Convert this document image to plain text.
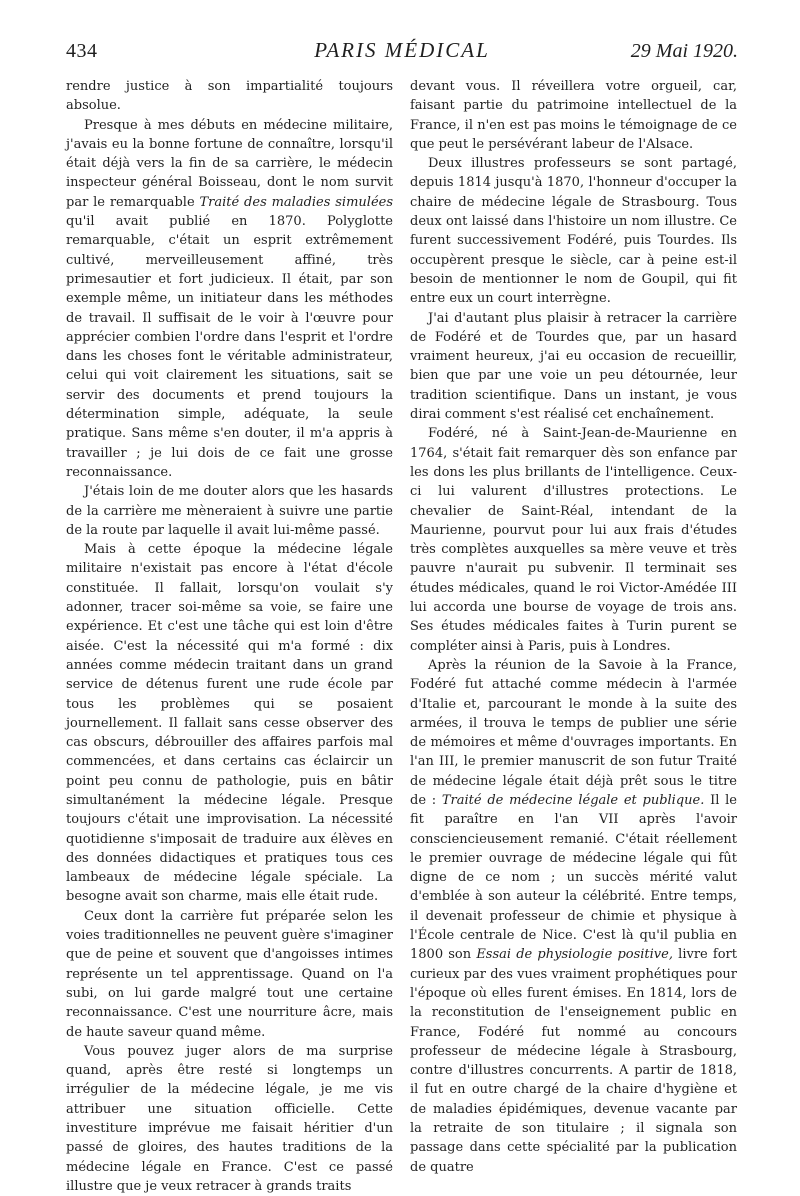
434	PARIS MÉDICAL	29 Mai 1920.

rendre justice à son impartialité toujours absolue.

Presque à mes débuts en médecine militaire, j'avais eu la bonne fortune de connaître, lorsqu'il était déjà vers la fin de sa carrière, le médecin inspecteur général Boisseau, dont le nom survit par le remarquable Traité des maladies simulées qu'il avait publié en 1870. Polyglotte remarquable, c'était un esprit extrêmement cultivé, merveilleusement affiné, très primesautier et fort judicieux. Il était, par son exemple même, un initiateur dans les méthodes de travail. Il suffisait de le voir à l'œuvre pour apprécier combien l'ordre dans l'esprit et l'ordre dans les choses font le véritable administrateur, celui qui voit clairement les situations, sait se servir des documents et prend toujours la détermination simple, adéquate, la seule pratique. Sans même s'en douter, il m'a appris à travailler ; je lui dois de ce fait une grosse reconnaissance.

J'étais loin de me douter alors que les hasards de la carrière me mèneraient à suivre une partie de la route par laquelle il avait lui-même passé.

Mais à cette époque la médecine légale militaire n'existait pas encore à l'état d'école constituée. Il fallait, lorsqu'on voulait s'y adonner, tracer soi-même sa voie, se faire une expérience. Et c'est une tâche qui est loin d'être aisée. C'est la nécessité qui m'a formé : dix années comme médecin traitant dans un grand service de détenus furent une rude école par tous les problèmes qui se posaient journellement. Il fallait sans cesse observer des cas obscurs, débrouiller des affaires parfois mal commencées, et dans certains cas éclaircir un point peu connu de pathologie, puis en bâtir simultanément la médecine légale. Presque toujours c'était une improvisation. La nécessité quotidienne s'imposait de traduire aux élèves en des données didactiques et pratiques tous ces lambeaux de médecine légale spéciale. La besogne avait son charme, mais elle était rude.

Ceux dont la carrière fut préparée selon les voies traditionnelles ne peuvent guère s'imaginer que de peine et souvent que d'angoisses intimes représente un tel apprentissage. Quand on l'a subi, on lui garde malgré tout une certaine reconnaissance. C'est une nourriture âcre, mais de haute saveur quand même.

Vous pouvez juger alors de ma surprise quand, après être resté si longtemps un irrégulier de la médecine légale, je me vis attribuer une situation officielle. Cette investiture imprévue me faisait héritier d'un passé de gloires, des hautes traditions de la médecine légale en France. C'est ce passé illustre que je veux retracer à grands traits

devant vous. Il réveillera votre orgueil, car, faisant partie du patrimoine intellectuel de la France, il n'en est pas moins le témoignage de ce que peut le persévérant labeur de l'Alsace.

Deux illustres professeurs se sont partagé, depuis 1814 jusqu'à 1870, l'honneur d'occuper la chaire de médecine légale de Strasbourg. Tous deux ont laissé dans l'histoire un nom illustre. Ce furent successivement Fodéré, puis Tourdes. Ils occupèrent presque le siècle, car à peine est-il besoin de mentionner le nom de Goupil, qui fit entre eux un court interrègne.

J'ai d'autant plus plaisir à retracer la carrière de Fodéré et de Tourdes que, par un hasard vraiment heureux, j'ai eu occasion de recueillir, bien que par une voie un peu détournée, leur tradition scientifique. Dans un instant, je vous dirai comment s'est réalisé cet enchaînement.

Fodéré, né à Saint-Jean-de-Maurienne en 1764, s'était fait remarquer dès son enfance par les dons les plus brillants de l'intelligence. Ceux-ci lui valurent d'illustres protections. Le chevalier de Saint-Réal, intendant de la Maurienne, pourvut pour lui aux frais d'études très complètes auxquelles sa mère veuve et très pauvre n'aurait pu subvenir. Il terminait ses études médicales, quand le roi Victor-Amédée III lui accorda une bourse de voyage de trois ans. Ses études médicales faites à Turin purent se compléter ainsi à Paris, puis à Londres.

Après la réunion de la Savoie à la France, Fodéré fut attaché comme médecin à l'armée d'Italie et, parcourant le monde à la suite des armées, il trouva le temps de publier une série de mémoires et même d'ouvrages importants. En l'an III, le premier manuscrit de son futur Traité de médecine légale était déjà prêt sous le titre de : Traité de médecine légale et publique. Il le fit paraître en l'an VII après l'avoir consciencieusement remanié. C'était réellement le premier ouvrage de médecine légale qui fût digne de ce nom ; un succès mérité valut d'emblée à son auteur la célébrité. Entre temps, il devenait professeur de chimie et physique à l'École centrale de Nice. C'est là qu'il publia en 1800 son Essai de physiologie positive, livre fort curieux par des vues vraiment prophétiques pour l'époque où elles furent émises. En 1814, lors de la reconstitution de l'enseignement public en France, Fodéré fut nommé au concours professeur de médecine légale à Strasbourg, contre d'illustres concurrents. A partir de 1818, il fut en outre chargé de la chaire d'hygiène et de maladies épidémiques, devenue vacante par la retraite de son titulaire ; il signala son passage dans cette spécialité par la publication de quatre
